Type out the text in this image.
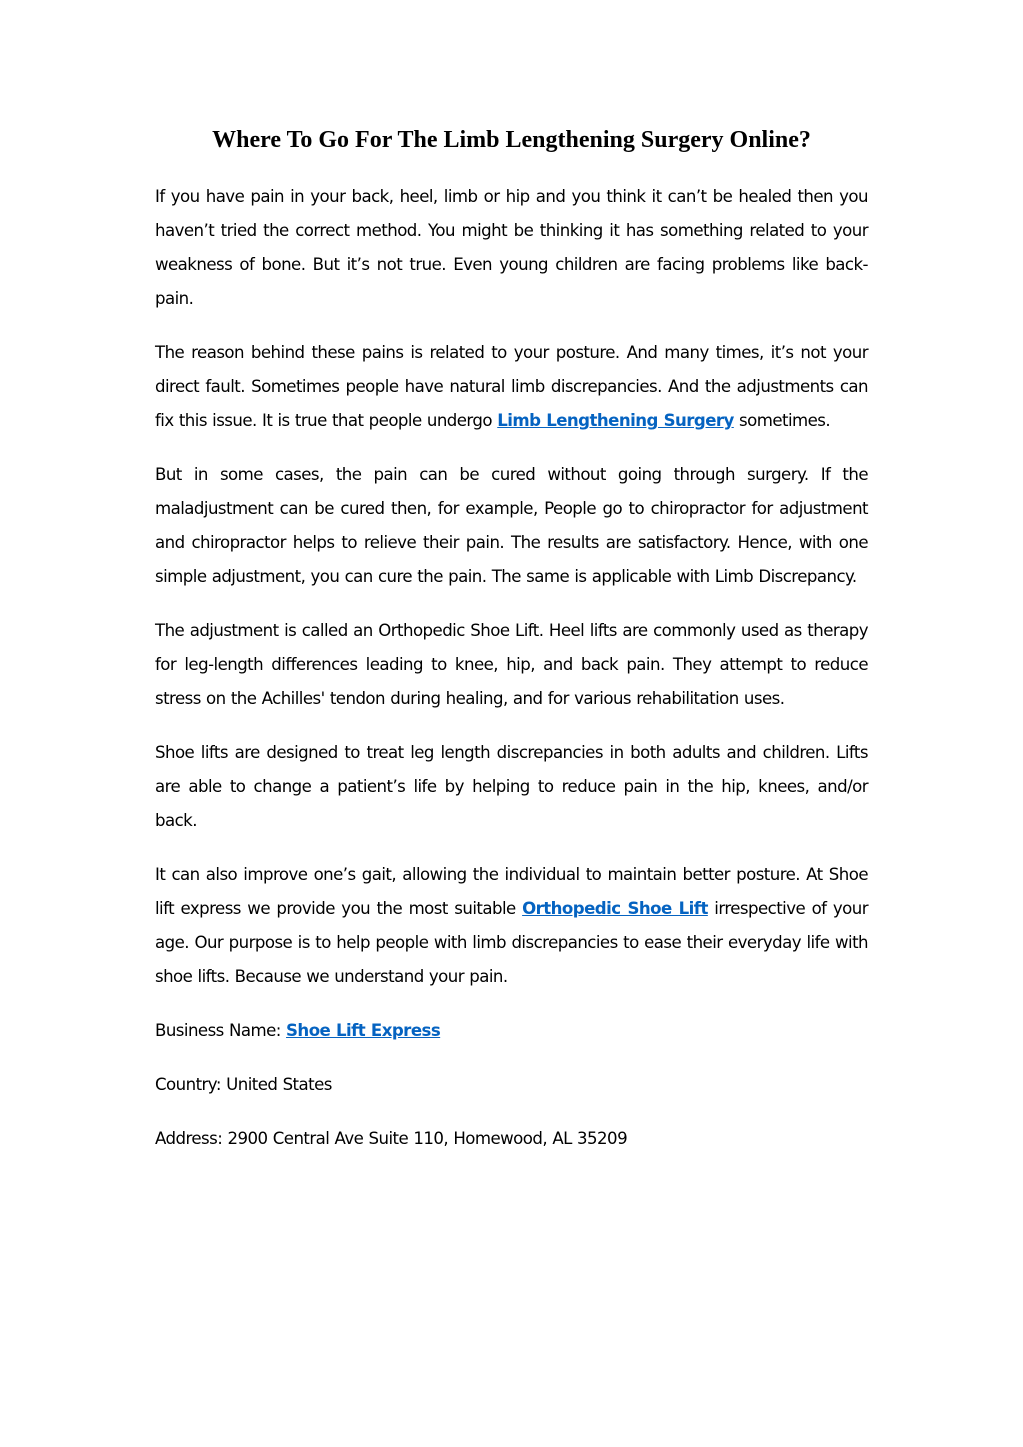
Where To Go For The Limb Lengthening Surgery Online?

If you have pain in your back, heel, limb or hip and you think it can’t be healed then you haven’t tried the correct method. You might be thinking it has something related to your weakness of bone. But it’s not true. Even young children are facing problems like back-pain.

The reason behind these pains is related to your posture. And many times, it’s not your direct fault. Sometimes people have natural limb discrepancies. And the adjustments can fix this issue. It is true that people undergo Limb Lengthening Surgery sometimes.

But in some cases, the pain can be cured without going through surgery. If the maladjustment can be cured then, for example, People go to chiropractor for adjustment and chiropractor helps to relieve their pain. The results are satisfactory. Hence, with one simple adjustment, you can cure the pain. The same is applicable with Limb Discrepancy.

The adjustment is called an Orthopedic Shoe Lift. Heel lifts are commonly used as therapy for leg-length differences leading to knee, hip, and back pain. They attempt to reduce stress on the Achilles' tendon during healing, and for various rehabilitation uses.

Shoe lifts are designed to treat leg length discrepancies in both adults and children. Lifts are able to change a patient’s life by helping to reduce pain in the hip, knees, and/or back.

It can also improve one’s gait, allowing the individual to maintain better posture. At Shoe lift express we provide you the most suitable Orthopedic Shoe Lift irrespective of your age. Our purpose is to help people with limb discrepancies to ease their everyday life with shoe lifts. Because we understand your pain.

Business Name: Shoe Lift Express
Country: United States
Address: 2900 Central Ave Suite 110, Homewood, AL 35209
